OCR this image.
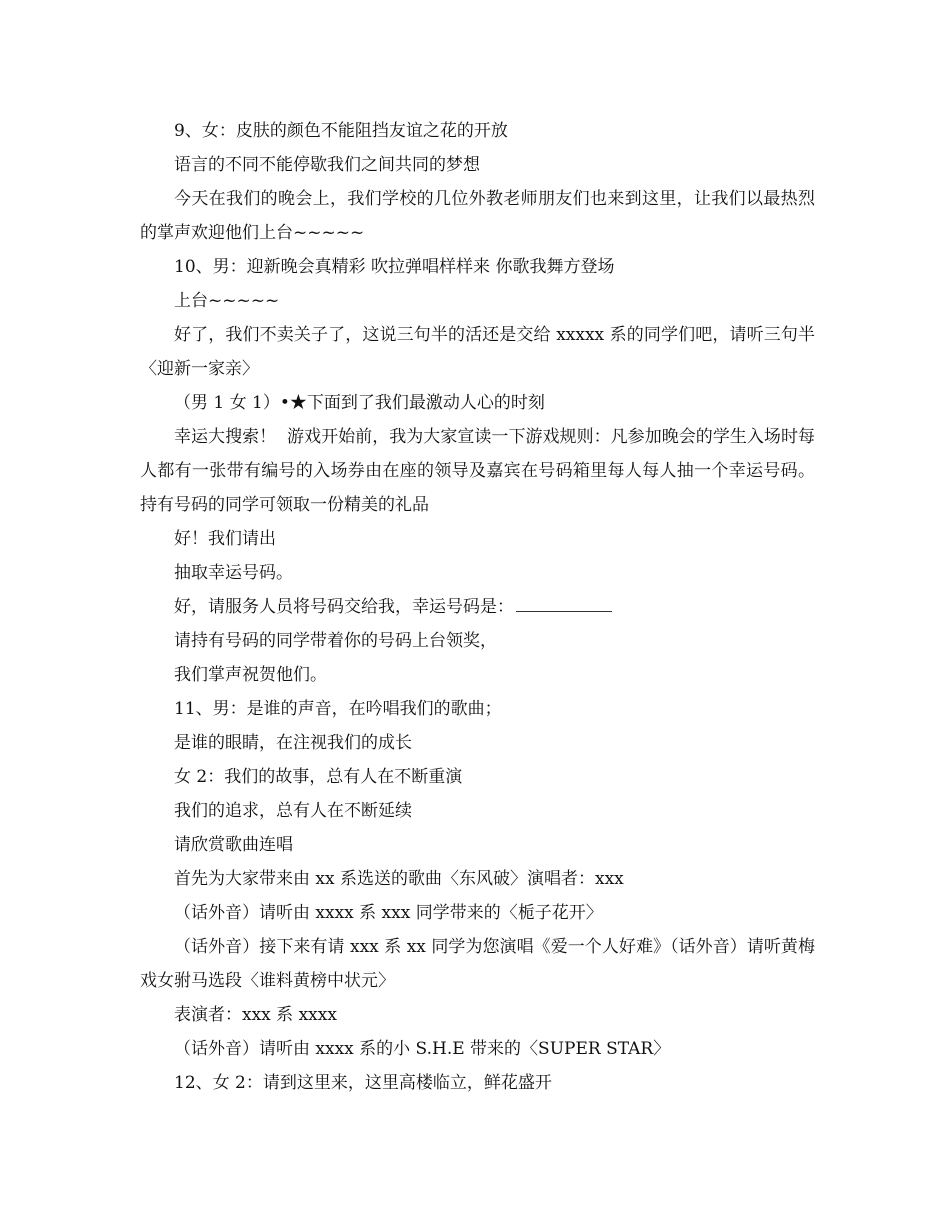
9、女：皮肤的颜色不能阻挡友谊之花的开放

语言的不同不能停歇我们之间共同的梦想

今天在我们的晚会上，我们学校的几位外教老师朋友们也来到这里，让我们以最热烈的掌声欢迎他们上台~~~~~

10、男：迎新晚会真精彩 吹拉弹唱样样来 你歌我舞方登场

上台~~~~~

好了，我们不卖关子了，这说三句半的活还是交给 xxxxx 系的同学们吧，请听三句半〈迎新一家亲〉

（男 1 女 1）•★下面到了我们最激动人心的时刻

幸运大搜索！  游戏开始前，我为大家宣读一下游戏规则：凡参加晚会的学生入场时每人都有一张带有编号的入场券由在座的领导及嘉宾在号码箱里每人每人抽一个幸运号码。持有号码的同学可领取一份精美的礼品

好！我们请出

抽取幸运号码。

好，请服务人员将号码交给我，幸运号码是：

请持有号码的同学带着你的号码上台领奖，

我们掌声祝贺他们。

11、男：是谁的声音，在吟唱我们的歌曲；

是谁的眼睛，在注视我们的成长

女 2：我们的故事，总有人在不断重演

我们的追求，总有人在不断延续

请欣赏歌曲连唱

首先为大家带来由 xx 系选送的歌曲〈东风破〉演唱者：xxx

（话外音）请听由 xxxx 系 xxx 同学带来的〈栀子花开〉

（话外音）接下来有请 xxx 系 xx 同学为您演唱《爱一个人好难》（话外音）请听黄梅戏女驸马选段〈谁料黄榜中状元〉

表演者：xxx 系 xxxx

（话外音）请听由 xxxx 系的小 S.H.E 带来的〈SUPER STAR〉

12、女 2：请到这里来，这里高楼临立，鲜花盛开
